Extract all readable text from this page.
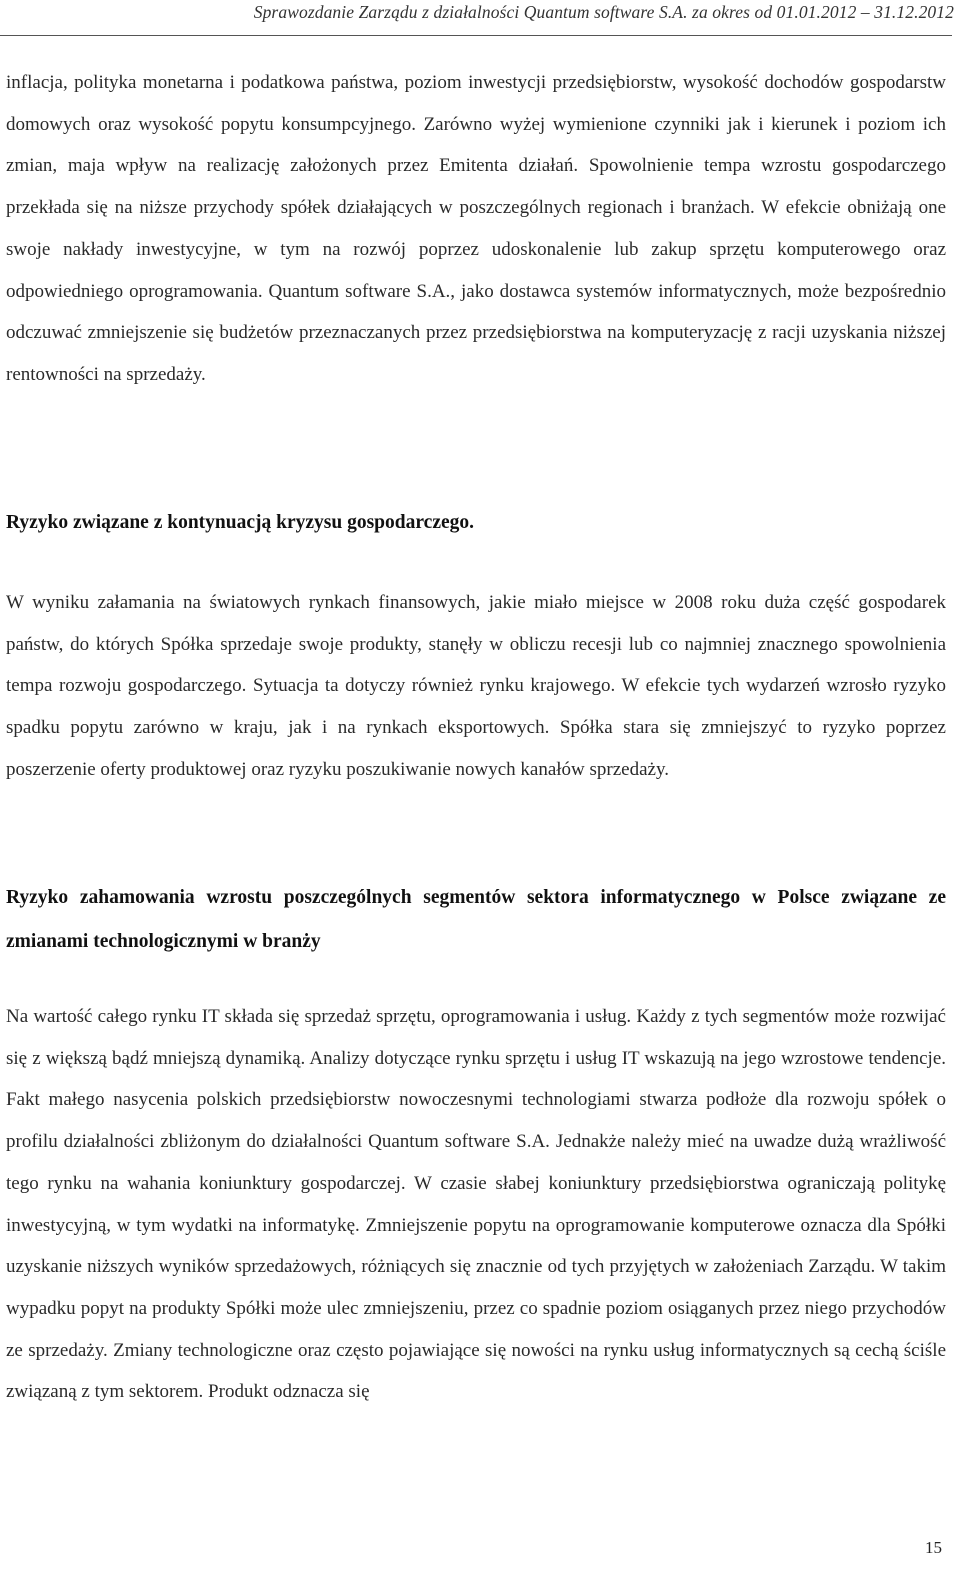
Sprawozdanie Zarządu z działalności Quantum software S.A. za okres od 01.01.2012 – 31.12.2012

inflacja, polityka monetarna i podatkowa państwa, poziom inwestycji przedsiębiorstw, wysokość dochodów gospodarstw domowych oraz wysokość popytu konsumpcyjnego. Zarówno wyżej wymienione czynniki jak i kierunek i poziom ich zmian, maja wpływ na realizację założonych przez Emitenta działań. Spowolnienie tempa wzrostu gospodarczego przekłada się na niższe przychody spółek działających w poszczególnych regionach i branżach. W efekcie obniżają one swoje nakłady inwestycyjne, w tym na rozwój poprzez udoskonalenie lub zakup sprzętu komputerowego oraz odpowiedniego oprogramowania. Quantum software S.A., jako dostawca systemów informatycznych, może bezpośrednio odczuwać zmniejszenie się budżetów przeznaczanych przez przedsiębiorstwa na komputeryzację z racji uzyskania niższej rentowności na sprzedaży.

Ryzyko związane z kontynuacją kryzysu gospodarczego.

W wyniku załamania na światowych rynkach finansowych, jakie miało miejsce w 2008 roku duża część gospodarek państw, do których Spółka sprzedaje swoje produkty, stanęły w obliczu recesji lub co najmniej znacznego spowolnienia tempa rozwoju gospodarczego. Sytuacja ta dotyczy również rynku krajowego. W efekcie tych wydarzeń wzrosło ryzyko spadku popytu zarówno w kraju, jak i na rynkach eksportowych. Spółka stara się zmniejszyć to ryzyko poprzez poszerzenie oferty produktowej oraz ryzyku poszukiwanie nowych kanałów sprzedaży.

Ryzyko zahamowania wzrostu poszczególnych segmentów sektora informatycznego w Polsce związane ze zmianami technologicznymi w branży

Na wartość całego rynku IT składa się sprzedaż sprzętu, oprogramowania i usług. Każdy z tych segmentów może rozwijać się z większą bądź mniejszą dynamiką. Analizy dotyczące rynku sprzętu i usług IT wskazują na jego wzrostowe tendencje. Fakt małego nasycenia polskich przedsiębiorstw nowoczesnymi technologiami stwarza podłoże dla rozwoju spółek o profilu działalności zbliżonym do działalności Quantum software S.A. Jednakże należy mieć na uwadze dużą wrażliwość tego rynku na wahania koniunktury gospodarczej. W czasie słabej koniunktury przedsiębiorstwa ograniczają politykę inwestycyjną, w tym wydatki na informatykę. Zmniejszenie popytu na oprogramowanie komputerowe oznacza dla Spółki uzyskanie niższych wyników sprzedażowych, różniących się znacznie od tych przyjętych w założeniach Zarządu. W takim wypadku popyt na produkty Spółki może ulec zmniejszeniu, przez co spadnie poziom osiąganych przez niego przychodów ze sprzedaży. Zmiany technologiczne oraz często pojawiające się nowości na rynku usług informatycznych są cechą ściśle związaną z tym sektorem. Produkt odznacza się

15
